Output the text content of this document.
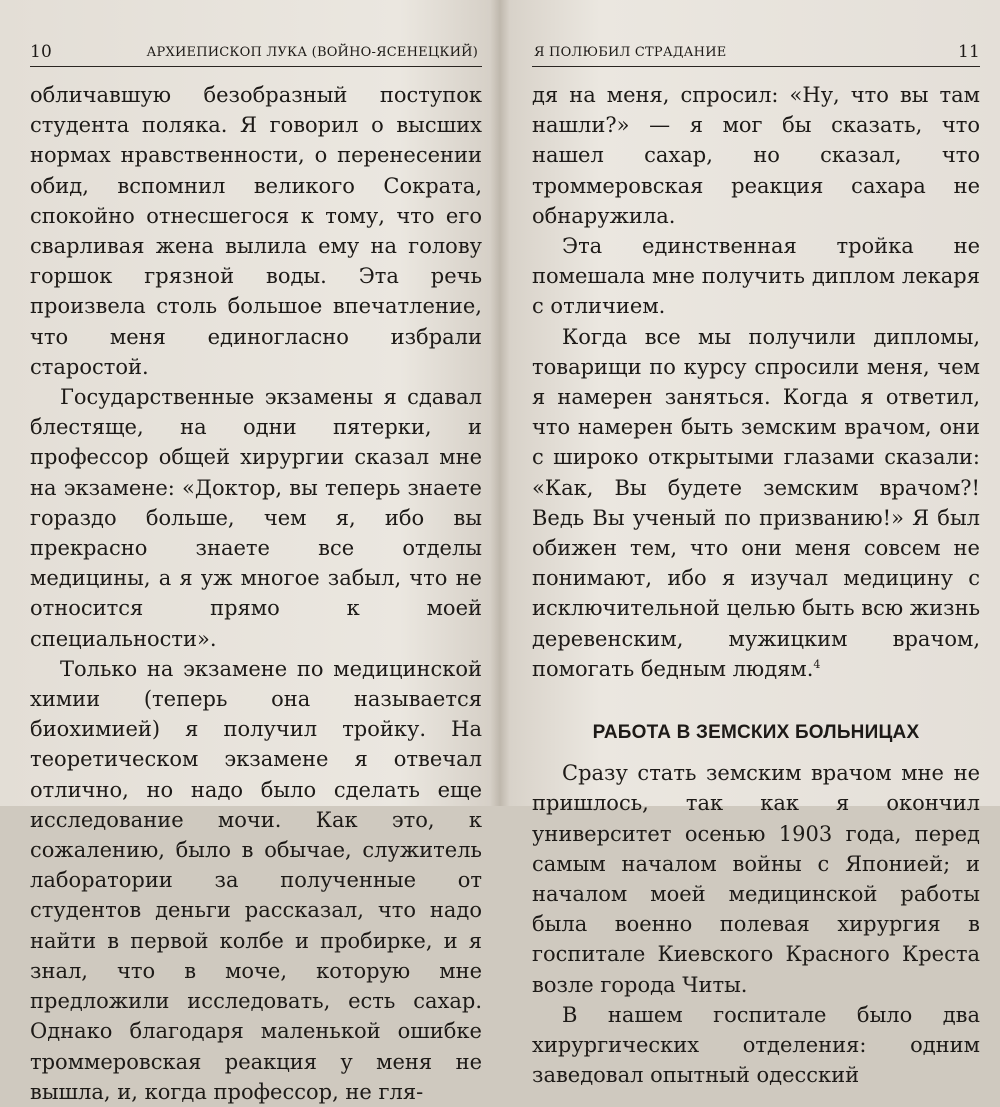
10	АРХИЕПИСКОП ЛУКА (ВОЙНО-ЯСЕНЕЦКИЙ)

обличавшую безобразный поступок студента поляка. Я говорил о высших нормах нравственности, о перенесении обид, вспомнил великого Сократа, спокойно отнесшегося к тому, что его сварливая жена вылила ему на голову горшок грязной воды. Эта речь произвела столь большое впечатление, что меня единогласно избрали старостой.

Государственные экзамены я сдавал блестяще, на одни пятерки, и профессор общей хирургии сказал мне на экзамене: «Доктор, вы теперь знаете гораздо больше, чем я, ибо вы прекрасно знаете все отделы медицины, а я уж многое забыл, что не относится прямо к моей специальности».

Только на экзамене по медицинской химии (теперь она называется биохимией) я получил тройку. На теоретическом экзамене я отвечал отлично, но надо было сделать еще исследование мочи. Как это, к сожалению, было в обычае, служитель лаборатории за полученные от студентов деньги рассказал, что надо найти в первой колбе и пробирке, и я знал, что в моче, которую мне предложили исследовать, есть сахар. Однако благодаря маленькой ошибке троммеровская реакция у меня не вышла, и, когда профессор, не гля-

Я ПОЛЮБИЛ СТРАДАНИЕ	11

дя на меня, спросил: «Ну, что вы там нашли?» — я мог бы сказать, что нашел сахар, но сказал, что троммеровская реакция сахара не обнаружила.

Эта единственная тройка не помешала мне получить диплом лекаря с отличием.

Когда все мы получили дипломы, товарищи по курсу спросили меня, чем я намерен заняться. Когда я ответил, что намерен быть земским врачом, они с широко открытыми глазами сказали: «Как, Вы будете земским врачом?! Ведь Вы ученый по призванию!» Я был обижен тем, что они меня совсем не понимают, ибо я изучал медицину с исключительной целью быть всю жизнь деревенским, мужицким врачом, помогать бедным людям.$^4$

РАБОТА В ЗЕМСКИХ БОЛЬНИЦАХ

Сразу стать земским врачом мне не пришлось, так как я окончил университет осенью 1903 года, перед самым началом войны с Японией; и началом моей медицинской работы была военно полевая хирургия в госпитале Киевского Красного Креста возле города Читы.

В нашем госпитале было два хирургических отделения: одним заведовал опытный одесский
